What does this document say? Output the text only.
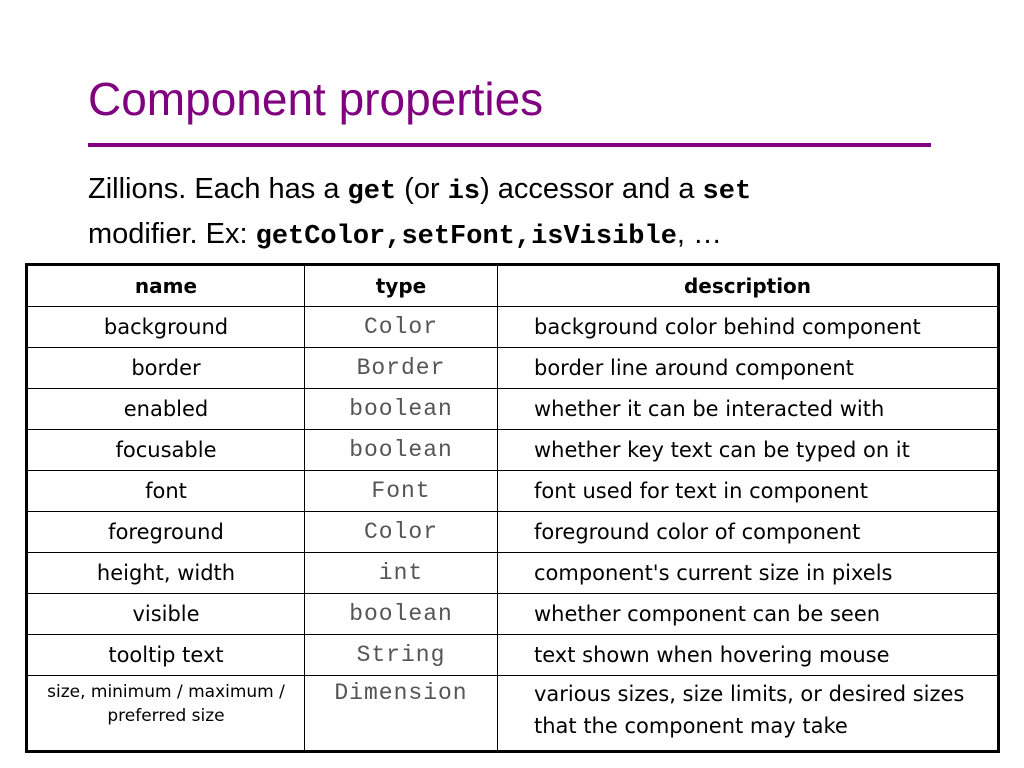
Component properties
Zillions. Each has a get (or is) accessor and a set
modifier. Ex: getColor,setFont,isVisible, …
name	type	description
background	Color	background color behind component
border	Border	border line around component
enabled	boolean	whether it can be interacted with
focusable	boolean	whether key text can be typed on it
font	Font	font used for text in component
foreground	Color	foreground color of component
height, width	int	component's current size in pixels
visible	boolean	whether component can be seen
tooltip text	String	text shown when hovering mouse
size, minimum / maximum / preferred size	Dimension	various sizes, size limits, or desired sizes that the component may take
